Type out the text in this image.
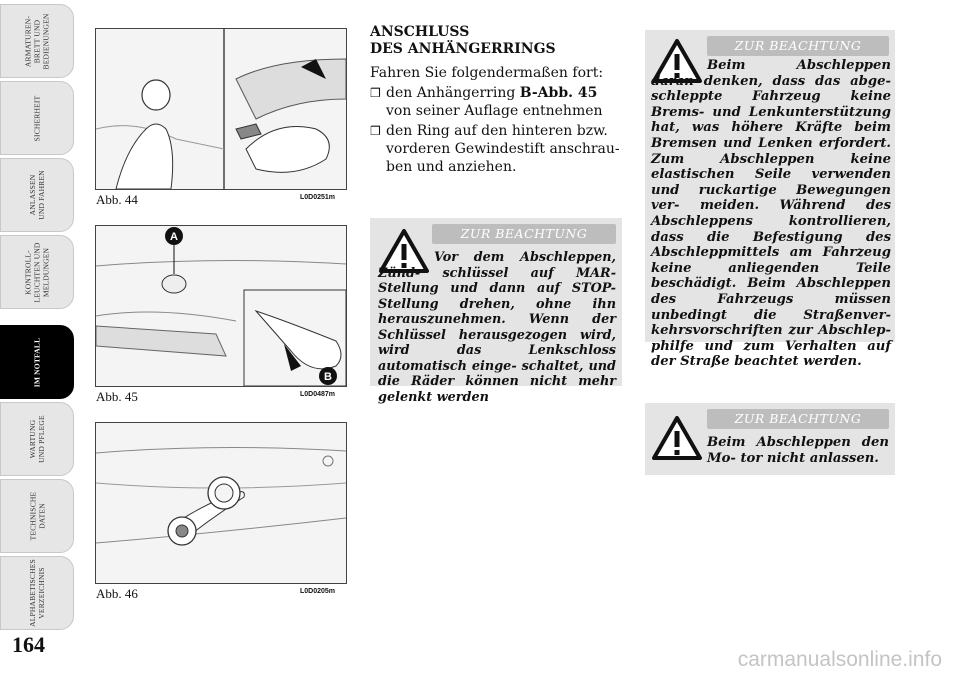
ARMATUREN-
BRETT UND
BEDIENUNGEN
SICHERHEIT
ANLASSEN
UND FAHREN
KONTROLL-
LEUCHTEN UND
MELDUNGEN
IM NOTFALL
WARTUNG
UND PFLEGE
TECHNISCHE
DATEN
ALPHABETISCHES
VERZEICHNIS
164
Abb. 44	L0D0251m
A
B
Abb. 45	L0D0487m
Abb. 46	L0D0205m
ANSCHLUSS
DES ANHÄNGERRINGS
Fahren Sie folgendermaßen fort:
❒ den Anhängerring B-Abb. 45 von seiner Auflage entnehmen
❒ den Ring auf den hinteren bzw. vorderen Gewindestift anschrau- ben und anziehen.
ZUR BEACHTUNG
Vor dem Abschleppen, Zünd- schlüssel auf MAR-Stellung und dann auf STOP-Stellung drehen, ohne ihn herauszunehmen. Wenn der Schlüssel herausgezogen wird, wird das Lenkschloss automatisch einge- schaltet, und die Räder können nicht mehr gelenkt werden
ZUR BEACHTUNG
Beim Abschleppen daran denken, dass das abge- schleppte Fahrzeug keine Brems- und Lenkunterstützung hat, was höhere Kräfte beim Bremsen und Lenken erfordert. Zum Abschleppen keine elastischen Seile verwenden und ruckartige Bewegungen ver- meiden. Während des Abschleppens kontrollieren, dass die Befestigung des Abschleppmittels am Fahrzeug keine anliegenden Teile beschädigt. Beim Abschleppen des Fahrzeugs müssen unbedingt die Straßenver- kehrsvorschriften zur Abschlep- philfe und zum Verhalten auf der Straße beachtet werden.
ZUR BEACHTUNG
Beim Abschleppen den Mo- tor nicht anlassen.
carmanualsonline.info
